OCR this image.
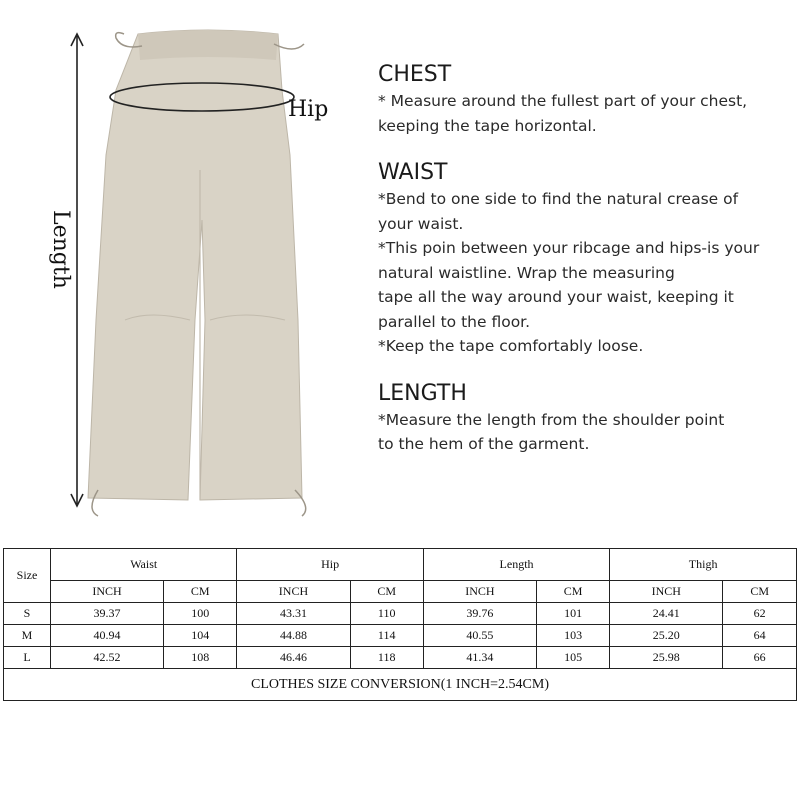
Hip
Length
CHEST

* Measure around the fullest part of your chest,

keeping the tape horizontal.

WAIST

*Bend to one side to find the natural crease of

your waist.

*This poin between your ribcage and hips-is your

natural waistline. Wrap the measuring

tape all the way around your waist, keeping it

parallel to the floor.

*Keep the tape comfortably loose.

LENGTH

*Measure the length from the shoulder point

to the hem of the garment.

Size	Waist		Hip		Length		Thigh	
	INCH	CM	INCH	CM	INCH	CM	INCH	CM
S	39.37	100	43.31	110	39.76	101	24.41	62
M	40.94	104	44.88	114	40.55	103	25.20	64
L	42.52	108	46.46	118	41.34	105	25.98	66
CLOTHES SIZE CONVERSION(1 INCH=2.54CM)								
